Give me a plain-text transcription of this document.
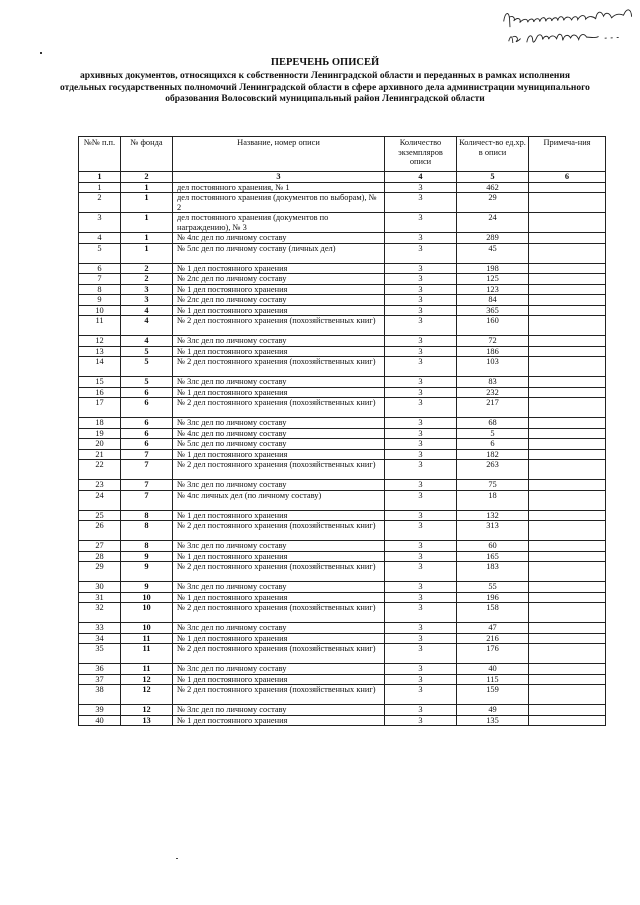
ПЕРЕЧЕНЬ ОПИСЕЙ
архивных документов, относящихся к собственности Ленинградской области и переданных в рамках исполнения отдельных государственных полномочий Ленинградской области в сфере архивного дела администрации муниципального образования Волосовский муниципальный район Ленинградской области
№№ п.п.	№ фонда	Название, номер описи	Количество экземпляров описи	Количест-во ед.хр. в описи	Примеча-ния
1	2	3	4	5	6
1	1	дел постоянного хранения, № 1	3	462	
2	1	дел постоянного хранения (документов по выборам), № 2	3	29	
3	1	дел постоянного хранения (документов по награждению), № 3	3	24	
4	1	№ 4лс дел по личному составу	3	289	
5	1	№ 5лс дел по личному составу (личных дел)	3	45	
6	2	№ 1 дел постоянного хранения	3	198	
7	2	№ 2лс дел по личному составу	3	125	
8	3	№ 1 дел постоянного хранения	3	123	
9	3	№ 2лс дел по личному составу	3	84	
10	4	№ 1 дел постоянного хранения	3	365	
11	4	№ 2 дел постоянного хранения (похозяйственных книг)	3	160	
12	4	№ 3лс дел по личному составу	3	72	
13	5	№ 1 дел постоянного хранения	3	186	
14	5	№ 2 дел постоянного хранения (похозяйственных книг)	3	103	
15	5	№ 3лс дел по личному составу	3	83	
16	6	№ 1 дел постоянного хранения	3	232	
17	6	№ 2 дел постоянного хранения (похозяйственных книг)	3	217	
18	6	№ 3лс дел по личному составу	3	68	
19	6	№ 4лс дел по личному составу	3	5	
20	6	№ 5лс дел по личному составу	3	6	
21	7	№ 1 дел постоянного хранения	3	182	
22	7	№ 2 дел постоянного хранения (похозяйственных книг)	3	263	
23	7	№ 3лс дел по личному составу	3	75	
24	7	№ 4лс личных дел (по личному составу)	3	18	
25	8	№ 1 дел постоянного хранения	3	132	
26	8	№ 2 дел постоянного хранения (похозяйственных книг)	3	313	
27	8	№ 3лс дел по личному составу	3	60	
28	9	№ 1 дел постоянного хранения	3	165	
29	9	№ 2 дел постоянного хранения (похозяйственных книг)	3	183	
30	9	№ 3лс дел по личному составу	3	55	
31	10	№ 1 дел постоянного хранения	3	196	
32	10	№ 2 дел постоянного хранения (похозяйственных книг)	3	158	
33	10	№ 3лс дел по личному составу	3	47	
34	11	№ 1 дел постоянного хранения	3	216	
35	11	№ 2 дел постоянного хранения (похозяйственных книг)	3	176	
36	11	№ 3лс дел по личному составу	3	40	
37	12	№ 1 дел постоянного хранения	3	115	
38	12	№ 2 дел постоянного хранения (похозяйственных книг)	3	159	
39	12	№ 3лс дел по личному составу	3	49	
40	13	№ 1 дел постоянного хранения	3	135	
